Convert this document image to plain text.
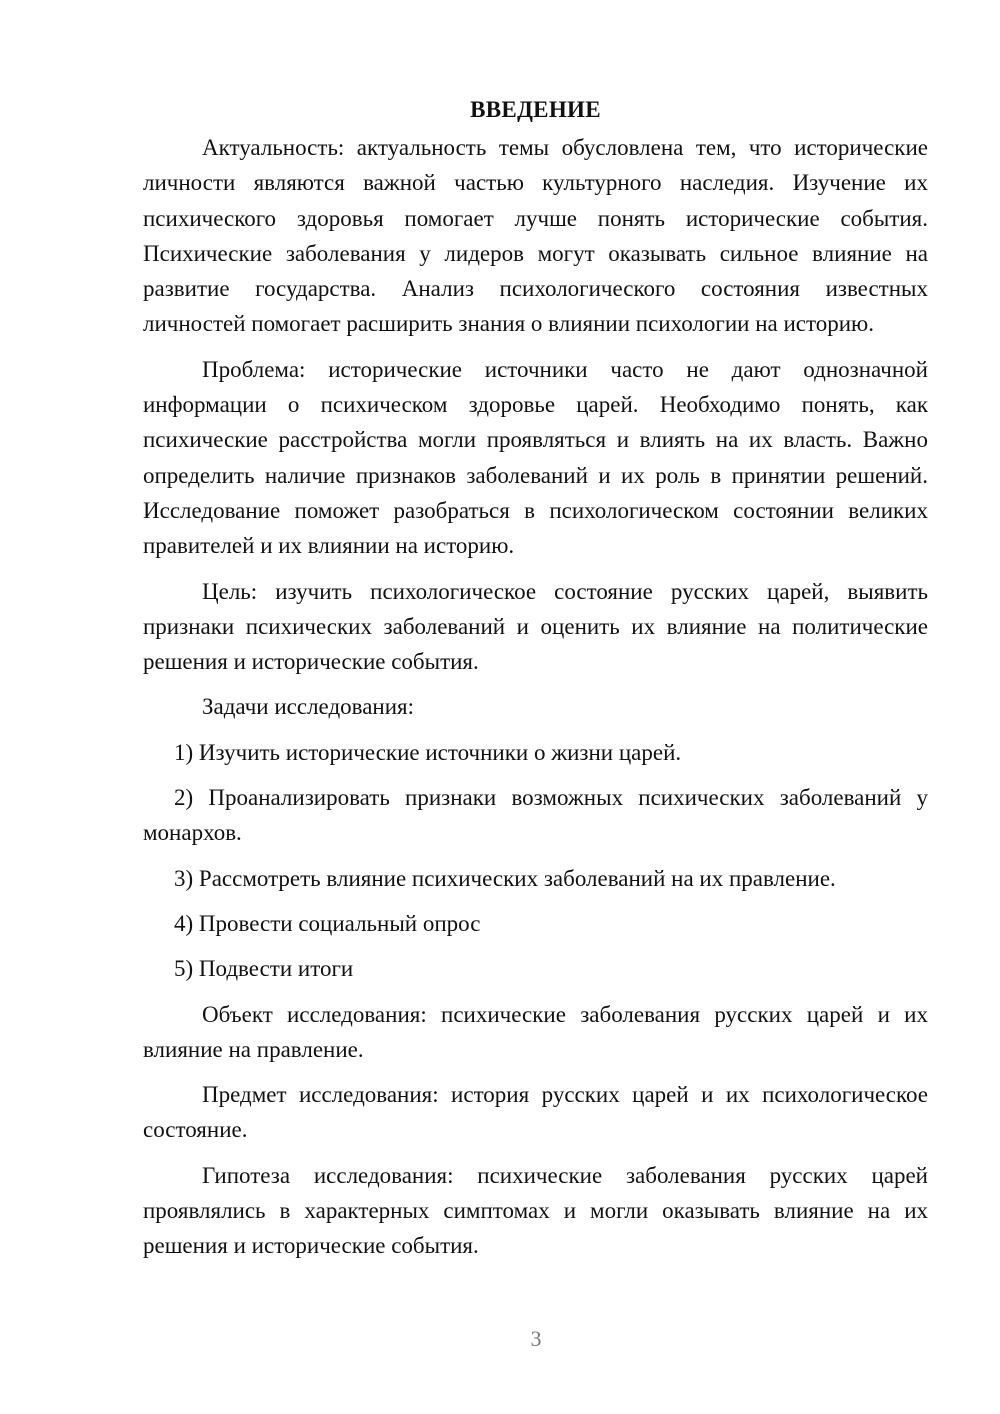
ВВЕДЕНИЕ

Актуальность: актуальность темы обусловлена тем, что исторические личности являются важной частью культурного наследия. Изучение их психического здоровья помогает лучше понять исторические события. Психические заболевания у лидеров могут оказывать сильное влияние на развитие государства. Анализ психологического состояния известных личностей помогает расширить знания о влиянии психологии на историю.

Проблема: исторические источники часто не дают однозначной информации о психическом здоровье царей. Необходимо понять, как психические расстройства могли проявляться и влиять на их власть. Важно определить наличие признаков заболеваний и их роль в принятии решений. Исследование поможет разобраться в психологическом состоянии великих правителей и их влиянии на историю.

Цель: изучить психологическое состояние русских царей, выявить признаки психических заболеваний и оценить их влияние на политические решения и исторические события.

Задачи исследования:

1) Изучить исторические источники о жизни царей.

2) Проанализировать признаки возможных психических заболеваний у монархов.

3) Рассмотреть влияние психических заболеваний на их правление.

4) Провести социальный опрос

5) Подвести итоги

Объект исследования: психические заболевания русских царей и их влияние на правление.

Предмет исследования: история русских царей и их психологическое состояние.

Гипотеза исследования: психические заболевания русских царей проявлялись в характерных симптомах и могли оказывать влияние на их решения и исторические события.

3
